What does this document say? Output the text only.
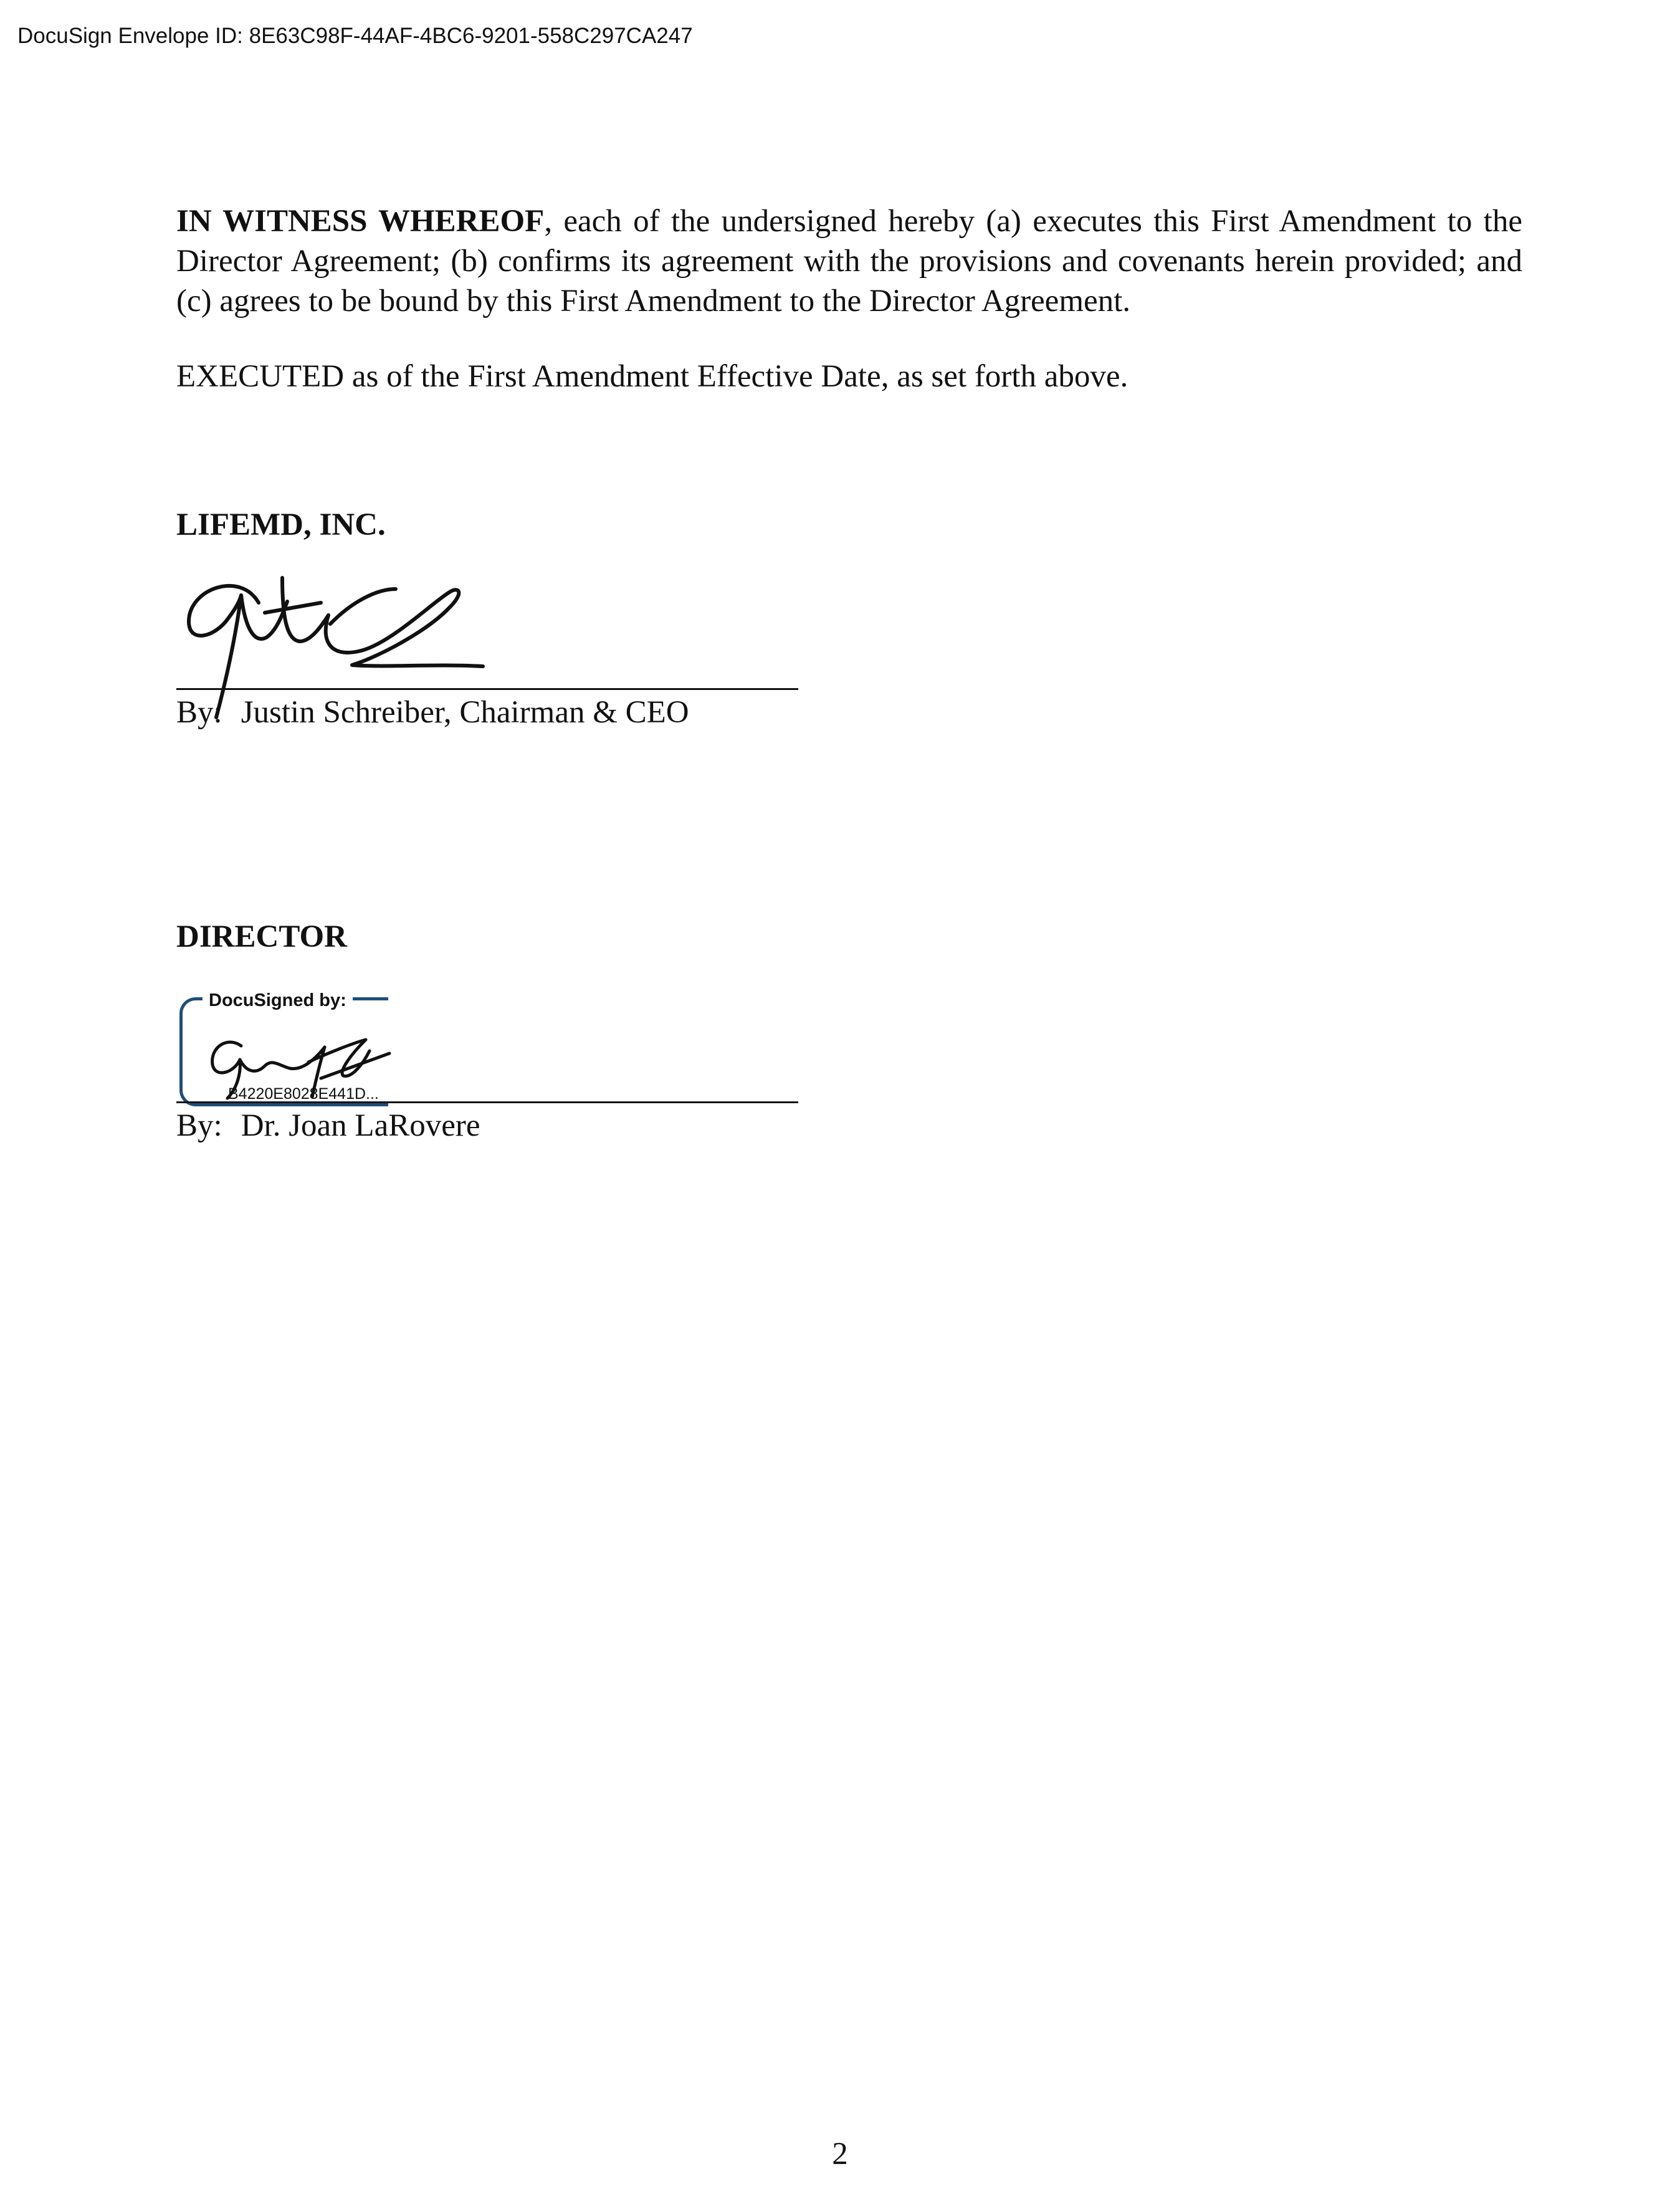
DocuSign Envelope ID: 8E63C98F-44AF-4BC6-9201-558C297CA247

IN WITNESS WHEREOF, each of the undersigned hereby (a) executes this First Amendment to the Director Agreement; (b) confirms its agreement with the provisions and covenants herein provided; and (c) agrees to be bound by this First Amendment to the Director Agreement.

EXECUTED as of the First Amendment Effective Date, as set forth above.
LIFEMD, INC.
By: Justin Schreiber, Chairman & CEO
DIRECTOR
DocuSigned by:
B4220E8028E441D...
By: Dr. Joan LaRovere
2
